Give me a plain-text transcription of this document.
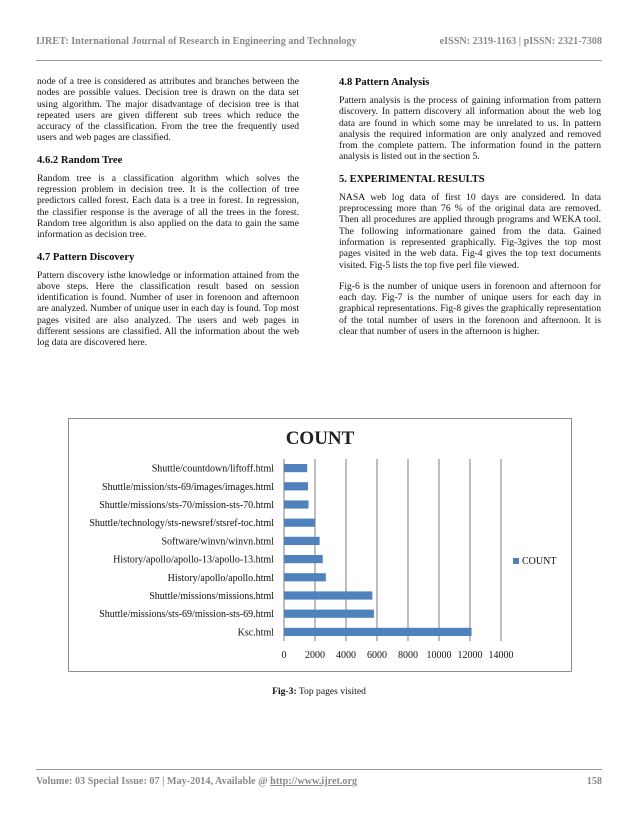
IJRET: International Journal of Research in Engineering and Technology	eISSN: 2319-1163 | pISSN: 2321-7308

node of a tree is considered as attributes and branches between the nodes are possible values. Decision tree is drawn on the data set using algorithm. The major disadvantage of decision tree is that repeated users are given different sub trees which reduce the accuracy of the classification. From the tree the frequently used users and web pages are classified.

4.6.2 Random Tree

Random tree is a classification algorithm which solves the regression problem in decision tree. It is the collection of tree predictors called forest. Each data is a tree in forest. In regression, the classifier response is the average of all the trees in the forest. Random tree algorithm is also applied on the data to gain the same information as decision tree.

4.7 Pattern Discovery

Pattern discovery isthe knowledge or information attained from the above steps. Here the classification result based on session identification is found. Number of user in forenoon and afternoon are analyzed. Number of unique user in each day is found. Top most pages visited are also analyzed. The users and web pages in different sessions are classified. All the information about the web log data are discovered here.

4.8 Pattern Analysis

Pattern analysis is the process of gaining information from pattern discovery. In pattern discovery all information about the web log data are found in which some may be unrelated to us. In pattern analysis the required information are only analyzed and removed from the complete pattern. The information found in the pattern analysis is listed out in the section 5.

5. EXPERIMENTAL RESULTS

NASA web log data of first 10 days are considered. In data preprocessing more than 76 % of the original data are removed. Then all procedures are applied through programs and WEKA tool. The following informationare gained from the data. Gained information is represented graphically. Fig-3gives the top most pages visited in the web data. Fig-4 gives the top text documents visited. Fig-5 lists the top five perl file viewed.

Fig-6 is the number of unique users in forenoon and afternoon for each day. Fig-7 is the number of unique users for each day in graphical representations. Fig-8 gives the graphically representation of the total number of users in the forenoon and afternoon. It is clear that number of users in the afternoon is higher.

COUNT
0 2000 4000 6000 8000 10000 12000 14000
Shuttle/countdown/liftoff.html
Shuttle/mission/sts-69/images/images.html
Shuttle/missions/sts-70/mission-sts-70.html
Shuttle/technology/sts-newsref/stsref-toc.html
Software/winvn/winvn.html
History/apollo/apollo-13/apollo-13.html
History/apollo/apollo.html
Shuttle/missions/missions.html
Shuttle/missions/sts-69/mission-sts-69.html
Ksc.html
COUNT
Fig-3: Top pages visited
Volume: 03 Special Issue: 07 | May-2014, Available @ http://www.ijret.org	158
